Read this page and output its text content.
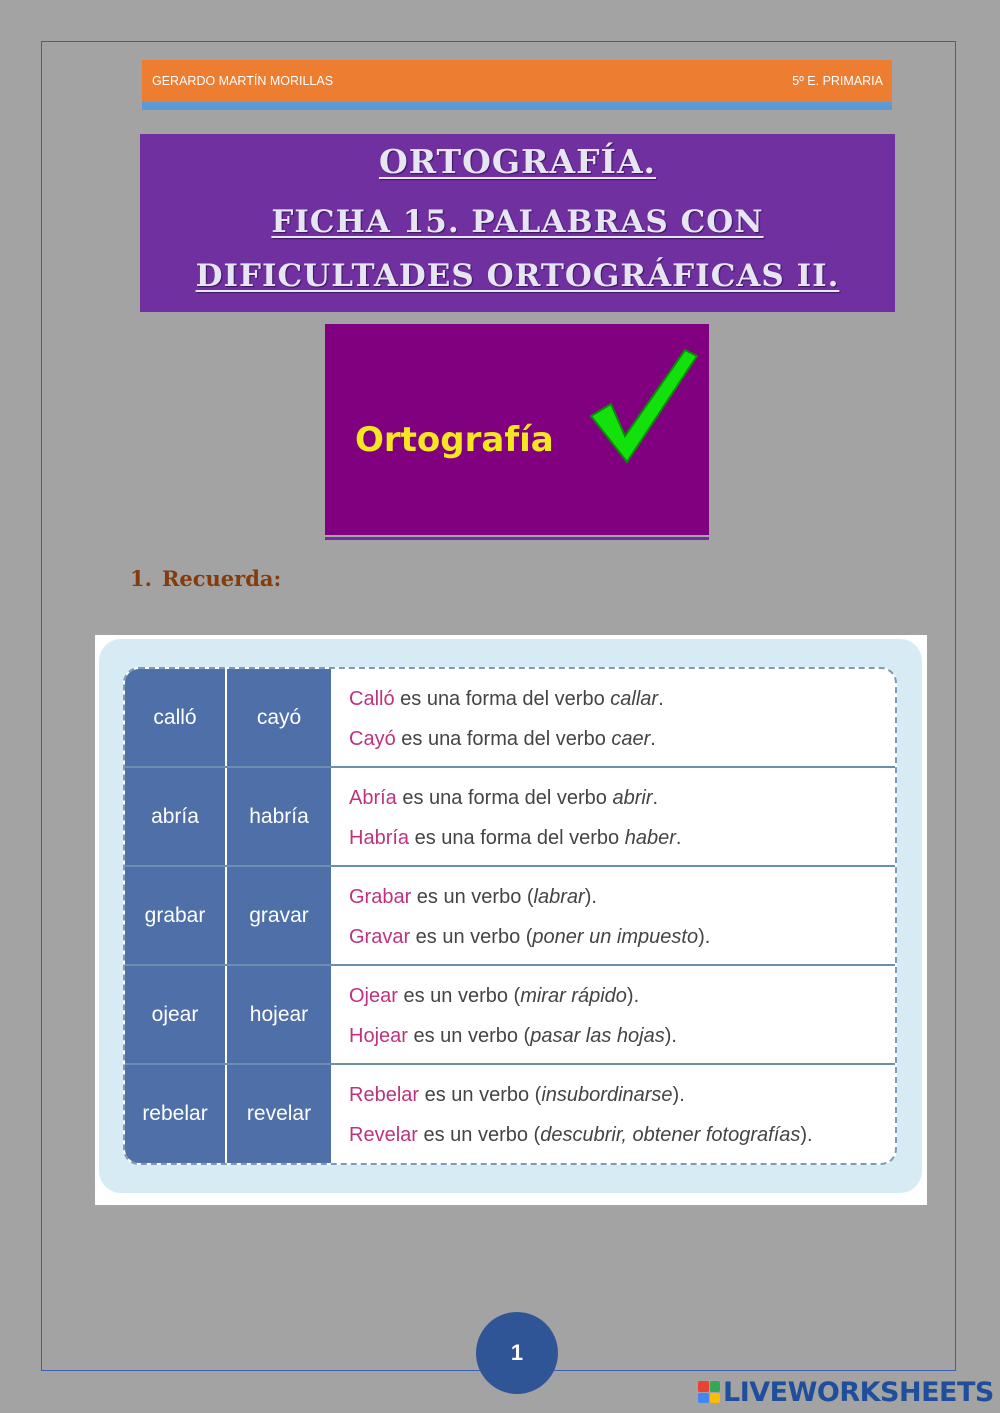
GERARDO MARTÍN MORILLAS	5º E. PRIMARIA
ORTOGRAFÍA.
FICHA 15. PALABRAS CON
DIFICULTADES ORTOGRÁFICAS II.
Ortografía
1. Recuerda:
calló	cayó
Calló es una forma del verbo callar.
Cayó es una forma del verbo caer.
abría	habría
Abría es una forma del verbo abrir.
Habría es una forma del verbo haber.
grabar	gravar
Grabar es un verbo (labrar).
Gravar es un verbo (poner un impuesto).
ojear	hojear
Ojear es un verbo (mirar rápido).
Hojear es un verbo (pasar las hojas).
rebelar	revelar
Rebelar es un verbo (insubordinarse).
Revelar es un verbo (descubrir, obtener fotografías).
1
LIVEWORKSHEETS
